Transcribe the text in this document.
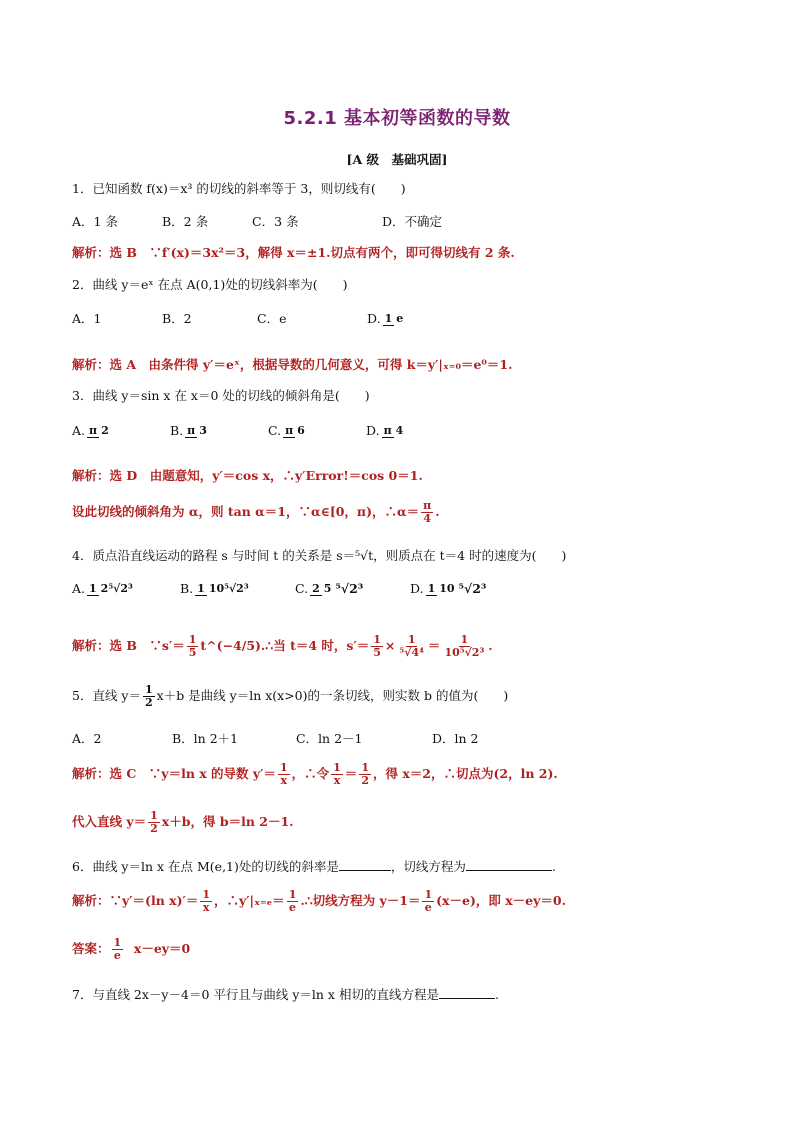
5.2.1 基本初等函数的导数
[A 级　基础巩固]
1．已知函数 f(x)＝x³ 的切线的斜率等于 3，则切线有(　　)
A．1 条	B．2 条	C．3 条	D．不确定
解析：选 B　∵f′(x)＝3x²＝3，解得 x＝±1.切点有两个，即可得切线有 2 条.
2．曲线 y＝eˣ 在点 A(0,1)处的切线斜率为(　　)
A．1	B．2	C．e	D. 1 e
解析：选 A　由条件得 y′＝eˣ，根据导数的几何意义，可得 k＝y′|ₓ₌₀＝e⁰＝1.
3．曲线 y＝sin x 在 x＝0 处的切线的倾斜角是(　　)
A. π 2	B. π 3	C. π 6	D. π 4
解析：选 D　由题意知，y′＝cos x，∴y′Error!＝cos 0＝1.
设此切线的倾斜角为 α，则 tan α＝1，∵α∈[0，π)，∴α＝ $\frac{\pi}{4}$ .
4．质点沿直线运动的路程 s 与时间 t 的关系是 s＝⁵√t，则质点在 t＝4 时的速度为(　　)
A. 1 2⁵√2³	B. 1 10⁵√2³	C. 2 5 ⁵√2³	D. 1 10 ⁵√2³
解析：选 B　∵s′＝ $\frac{1}{5}$ t^(−4/5).∴当 t＝4 时，$s'= \frac{1}{5} \times \frac{1}{\text{⁵√4⁴}} = \frac{1}{\text{10⁵√2³}}$ .
5．直线 $y= \frac{1}{2} x+b$ 是曲线 y＝ln x(x>0)的一条切线，则实数 b 的值为(　　)
A．2	B．ln 2＋1	C．ln 2－1	D．ln 2
解析：选 C　∵y＝ln x 的导数 $y'= \frac{1}{x}$ ，∴令 $\frac{1}{x} = \frac{1}{2}$ ，得 x＝2，∴切点为(2，ln 2).
代入直线 $y= \frac{1}{2} x+b$，得 b＝ln 2－1.
6．曲线 y＝ln x 在点 M(e,1)处的切线的斜率是	，切线方程为	.
解析：∵y′＝(ln $x)'= \frac{1}{x}$ ，∴y′|ₓ₌ₑ＝ $\frac{1}{e}$ .∴切线方程为 $y-1= \frac{1}{e} (x-e)$，即 x－ey＝0.
答案： $\frac{1}{e} x-ey=0$
7．与直线 2x－y－4＝0 平行且与曲线 y＝ln x 相切的直线方程是	.
